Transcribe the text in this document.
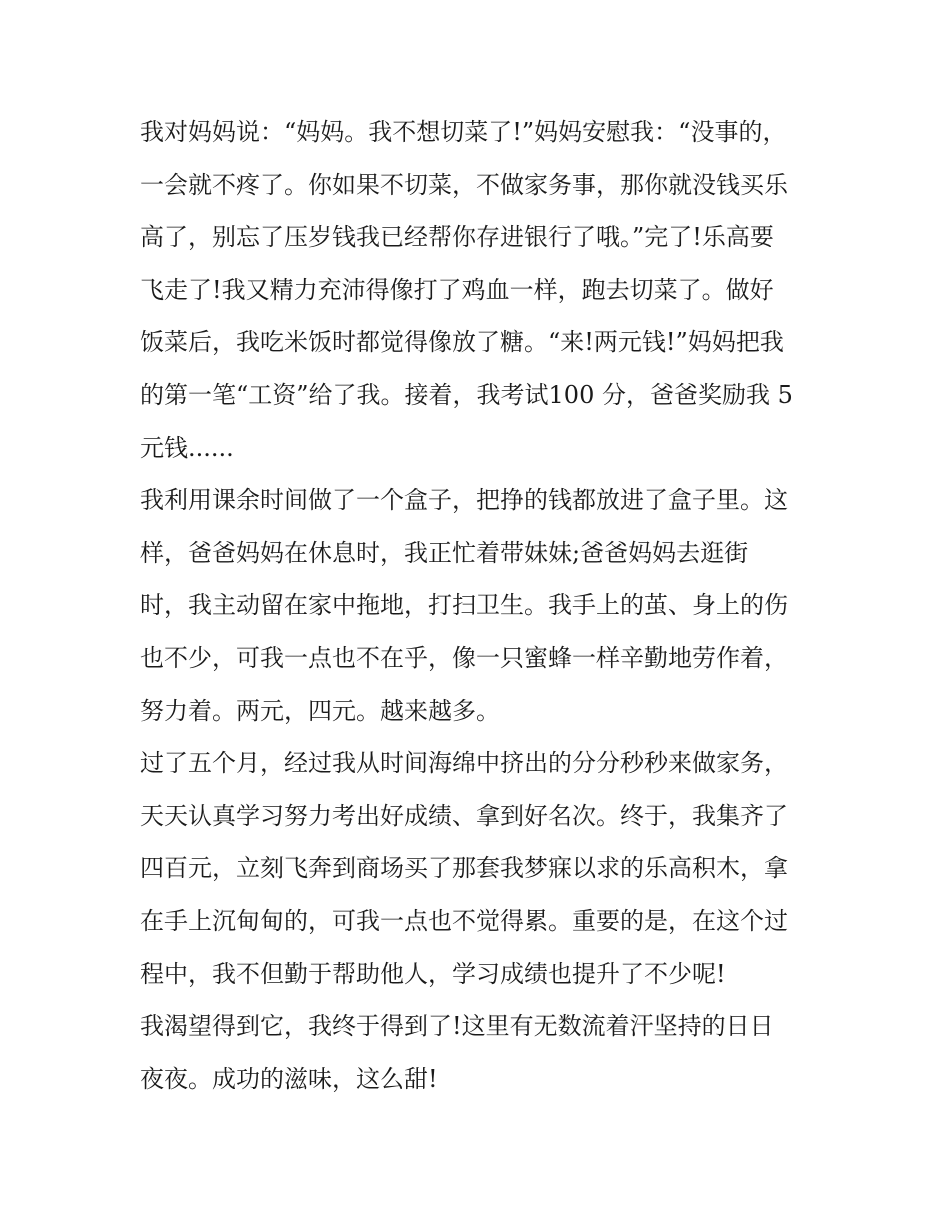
我对妈妈说：“妈妈。我不想切菜了!”妈妈安慰我：“没事的，
一会就不疼了。你如果不切菜，不做家务事，那你就没钱买乐
高了，别忘了压岁钱我已经帮你存进银行了哦。”完了!乐高要
飞走了!我又精力充沛得像打了鸡血一样，跑去切菜了。做好
饭菜后，我吃米饭时都觉得像放了糖。“来!两元钱!”妈妈把我
的第一笔“工资”给了我。接着，我考试100 分，爸爸奖励我 5
元钱......
我利用课余时间做了一个盒子，把挣的钱都放进了盒子里。这
样，爸爸妈妈在休息时，我正忙着带妹妹;爸爸妈妈去逛街
时，我主动留在家中拖地，打扫卫生。我手上的茧、身上的伤
也不少，可我一点也不在乎，像一只蜜蜂一样辛勤地劳作着，
努力着。两元，四元。越来越多。
过了五个月，经过我从时间海绵中挤出的分分秒秒来做家务，
天天认真学习努力考出好成绩、拿到好名次。终于，我集齐了
四百元，立刻飞奔到商场买了那套我梦寐以求的乐高积木，拿
在手上沉甸甸的，可我一点也不觉得累。重要的是，在这个过
程中，我不但勤于帮助他人，学习成绩也提升了不少呢!
我渴望得到它，我终于得到了!这里有无数流着汗坚持的日日
夜夜。成功的滋味，这么甜!
